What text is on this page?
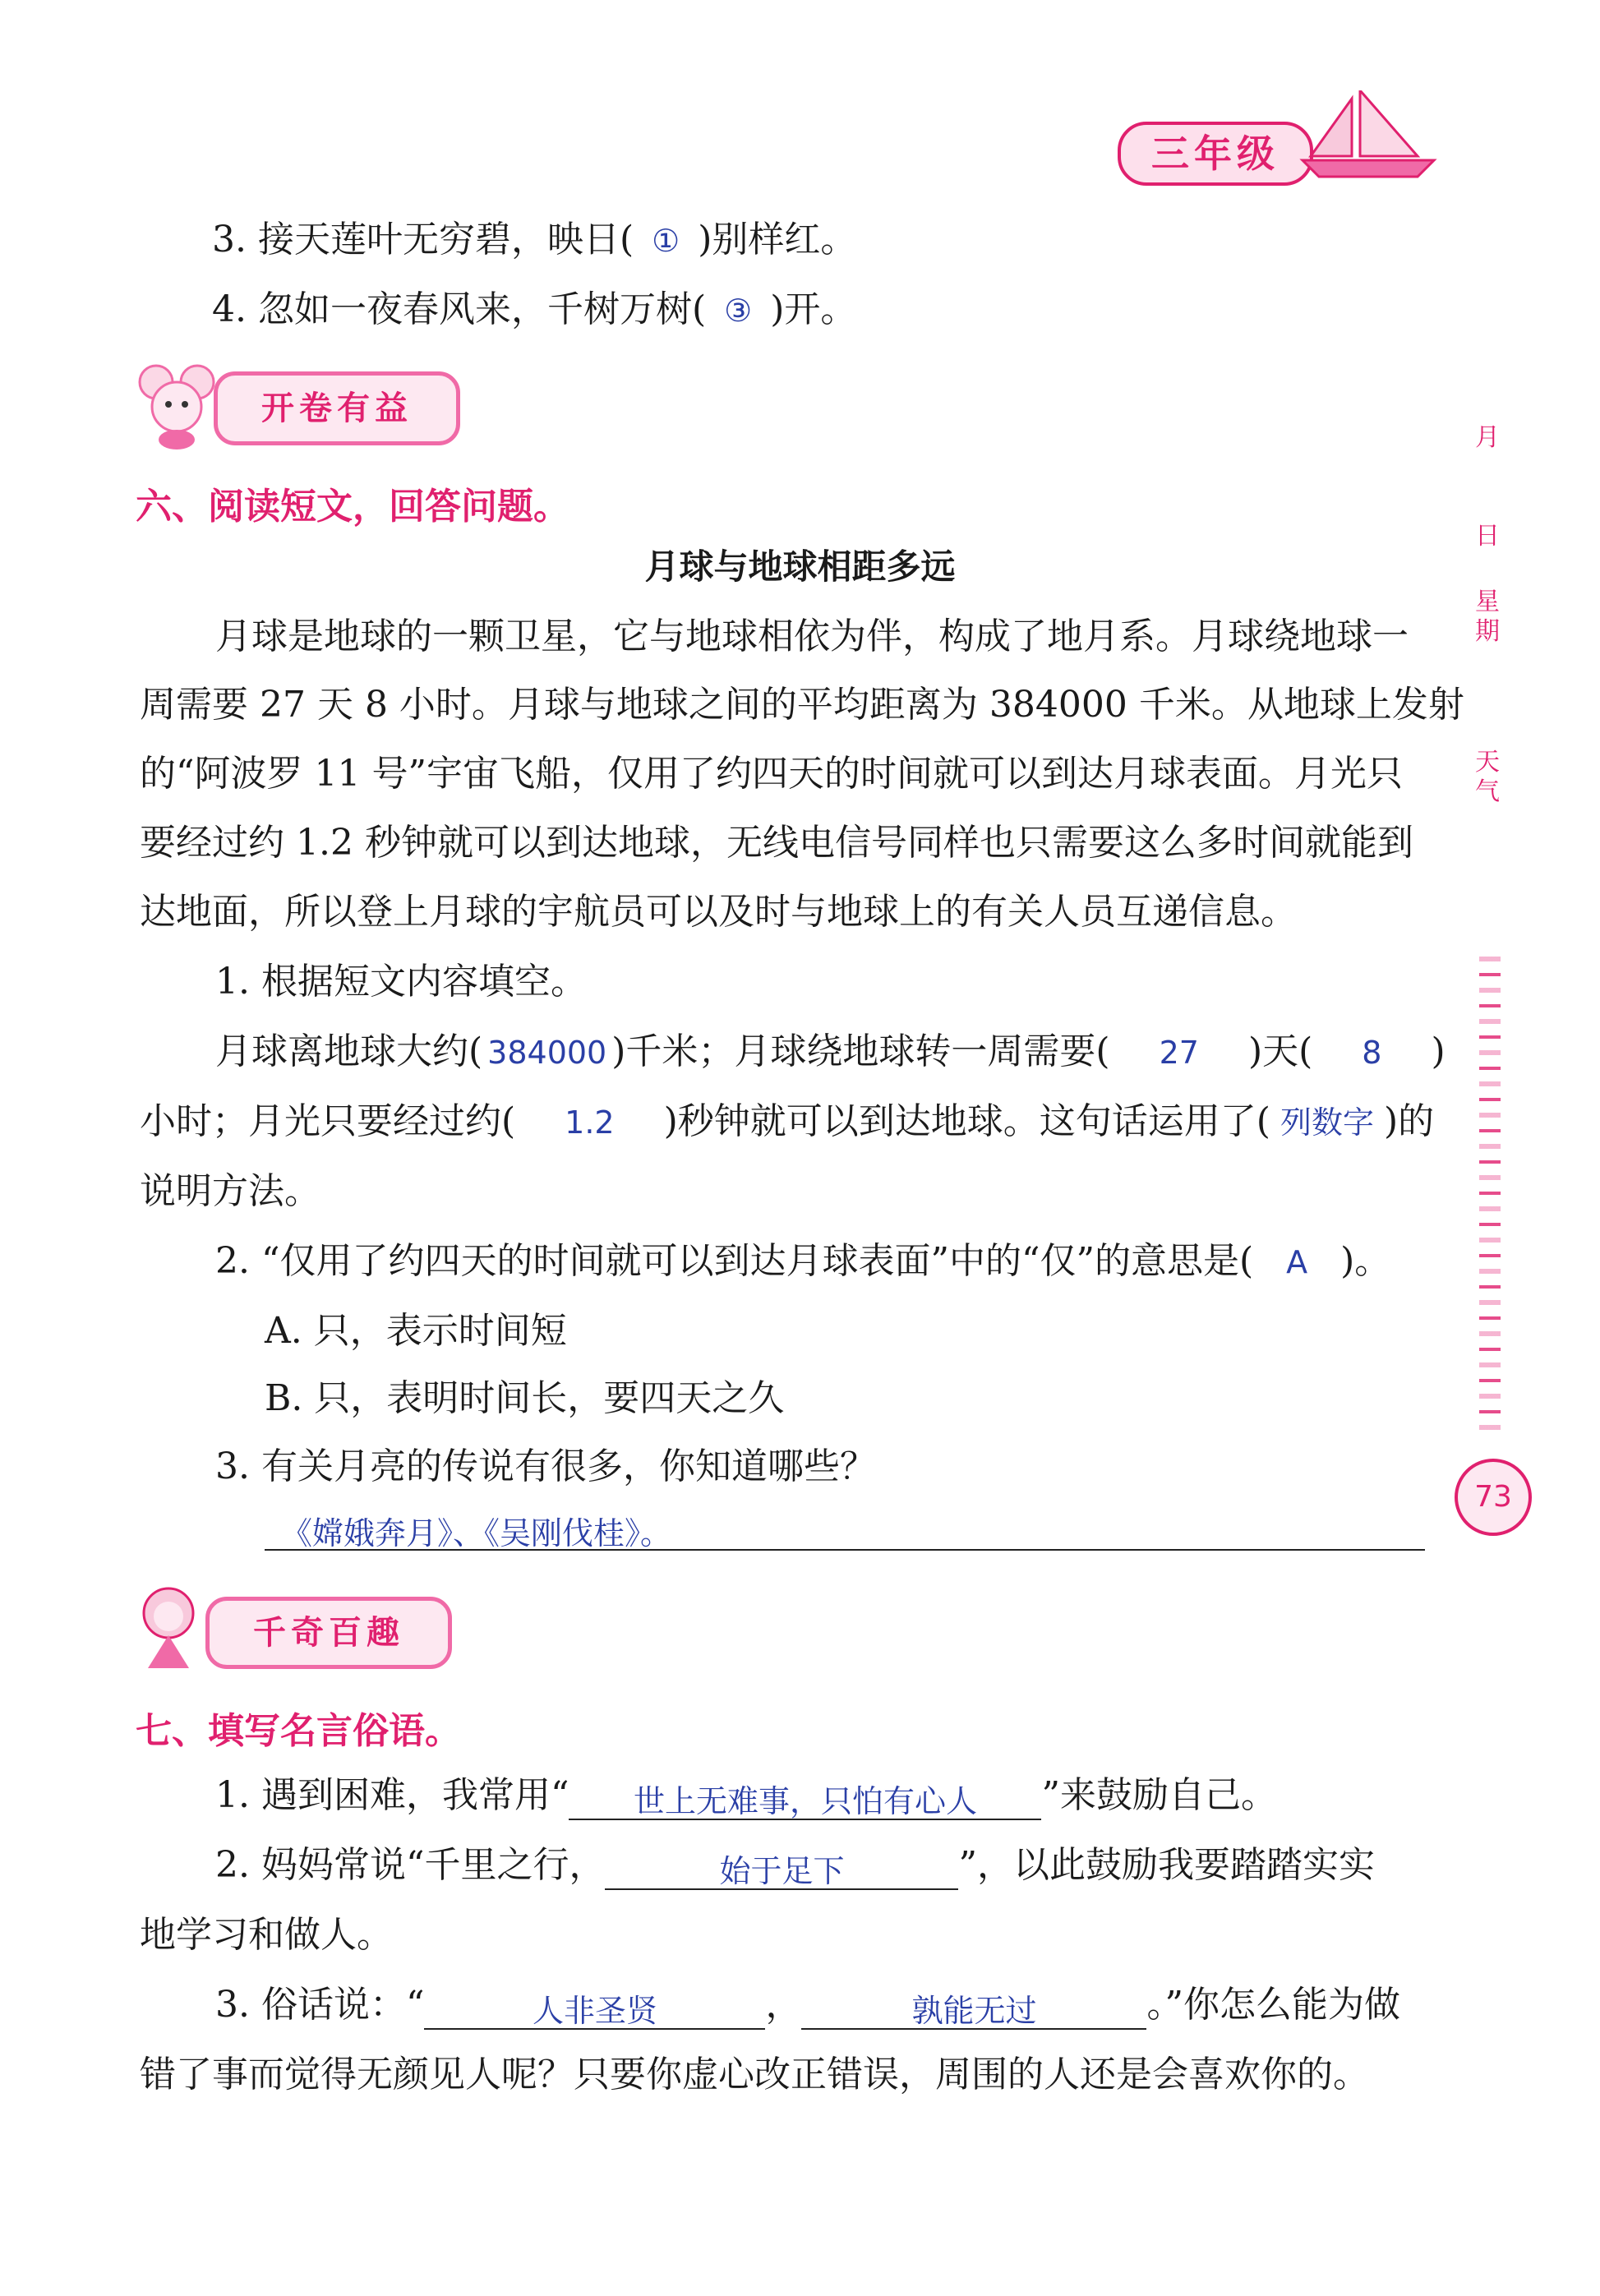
三年级
3. 接天莲叶无穷碧，映日( ① )别样红。
4. 忽如一夜春风来，千树万树( ③ )开。
开卷有益
六、阅读短文，回答问题。
月球与地球相距多远
月球是地球的一颗卫星，它与地球相依为伴，构成了地月系。月球绕地球一
周需要 27 天 8 小时。月球与地球之间的平均距离为 384000 千米。从地球上发射
的“阿波罗 11 号”宇宙飞船，仅用了约四天的时间就可以到达月球表面。月光只
要经过约 1.2 秒钟就可以到达地球，无线电信号同样也只需要这么多时间就能到
达地面，所以登上月球的宇航员可以及时与地球上的有关人员互递信息。
1. 根据短文内容填空。
月球离地球大约( 384000 )千米；月球绕地球转一周需要( 27 )天( 8 )
小时；月光只要经过约( 1.2 )秒钟就可以到达地球。这句话运用了( 列数字 )的
说明方法。
2. “仅用了约四天的时间就可以到达月球表面”中的“仅”的意思是( A )。
A. 只，表示时间短
B. 只，表明时间长，要四天之久
3. 有关月亮的传说有很多，你知道哪些？
《嫦娥奔月》、《吴刚伐桂》。
千奇百趣
七、填写名言俗语。
1. 遇到困难，我常用“ 世上无难事，只怕有心人 ”来鼓励自己。
2. 妈妈常说“千里之行，	始于足下	”，以此鼓励我要踏踏实实
地学习和做人。
3. 俗话说：“	人非圣贤	，	孰能无过	。”你怎么能为做
错了事而觉得无颜见人呢？只要你虚心改正错误，周围的人还是会喜欢你的。
月
日
星期
天气
73
